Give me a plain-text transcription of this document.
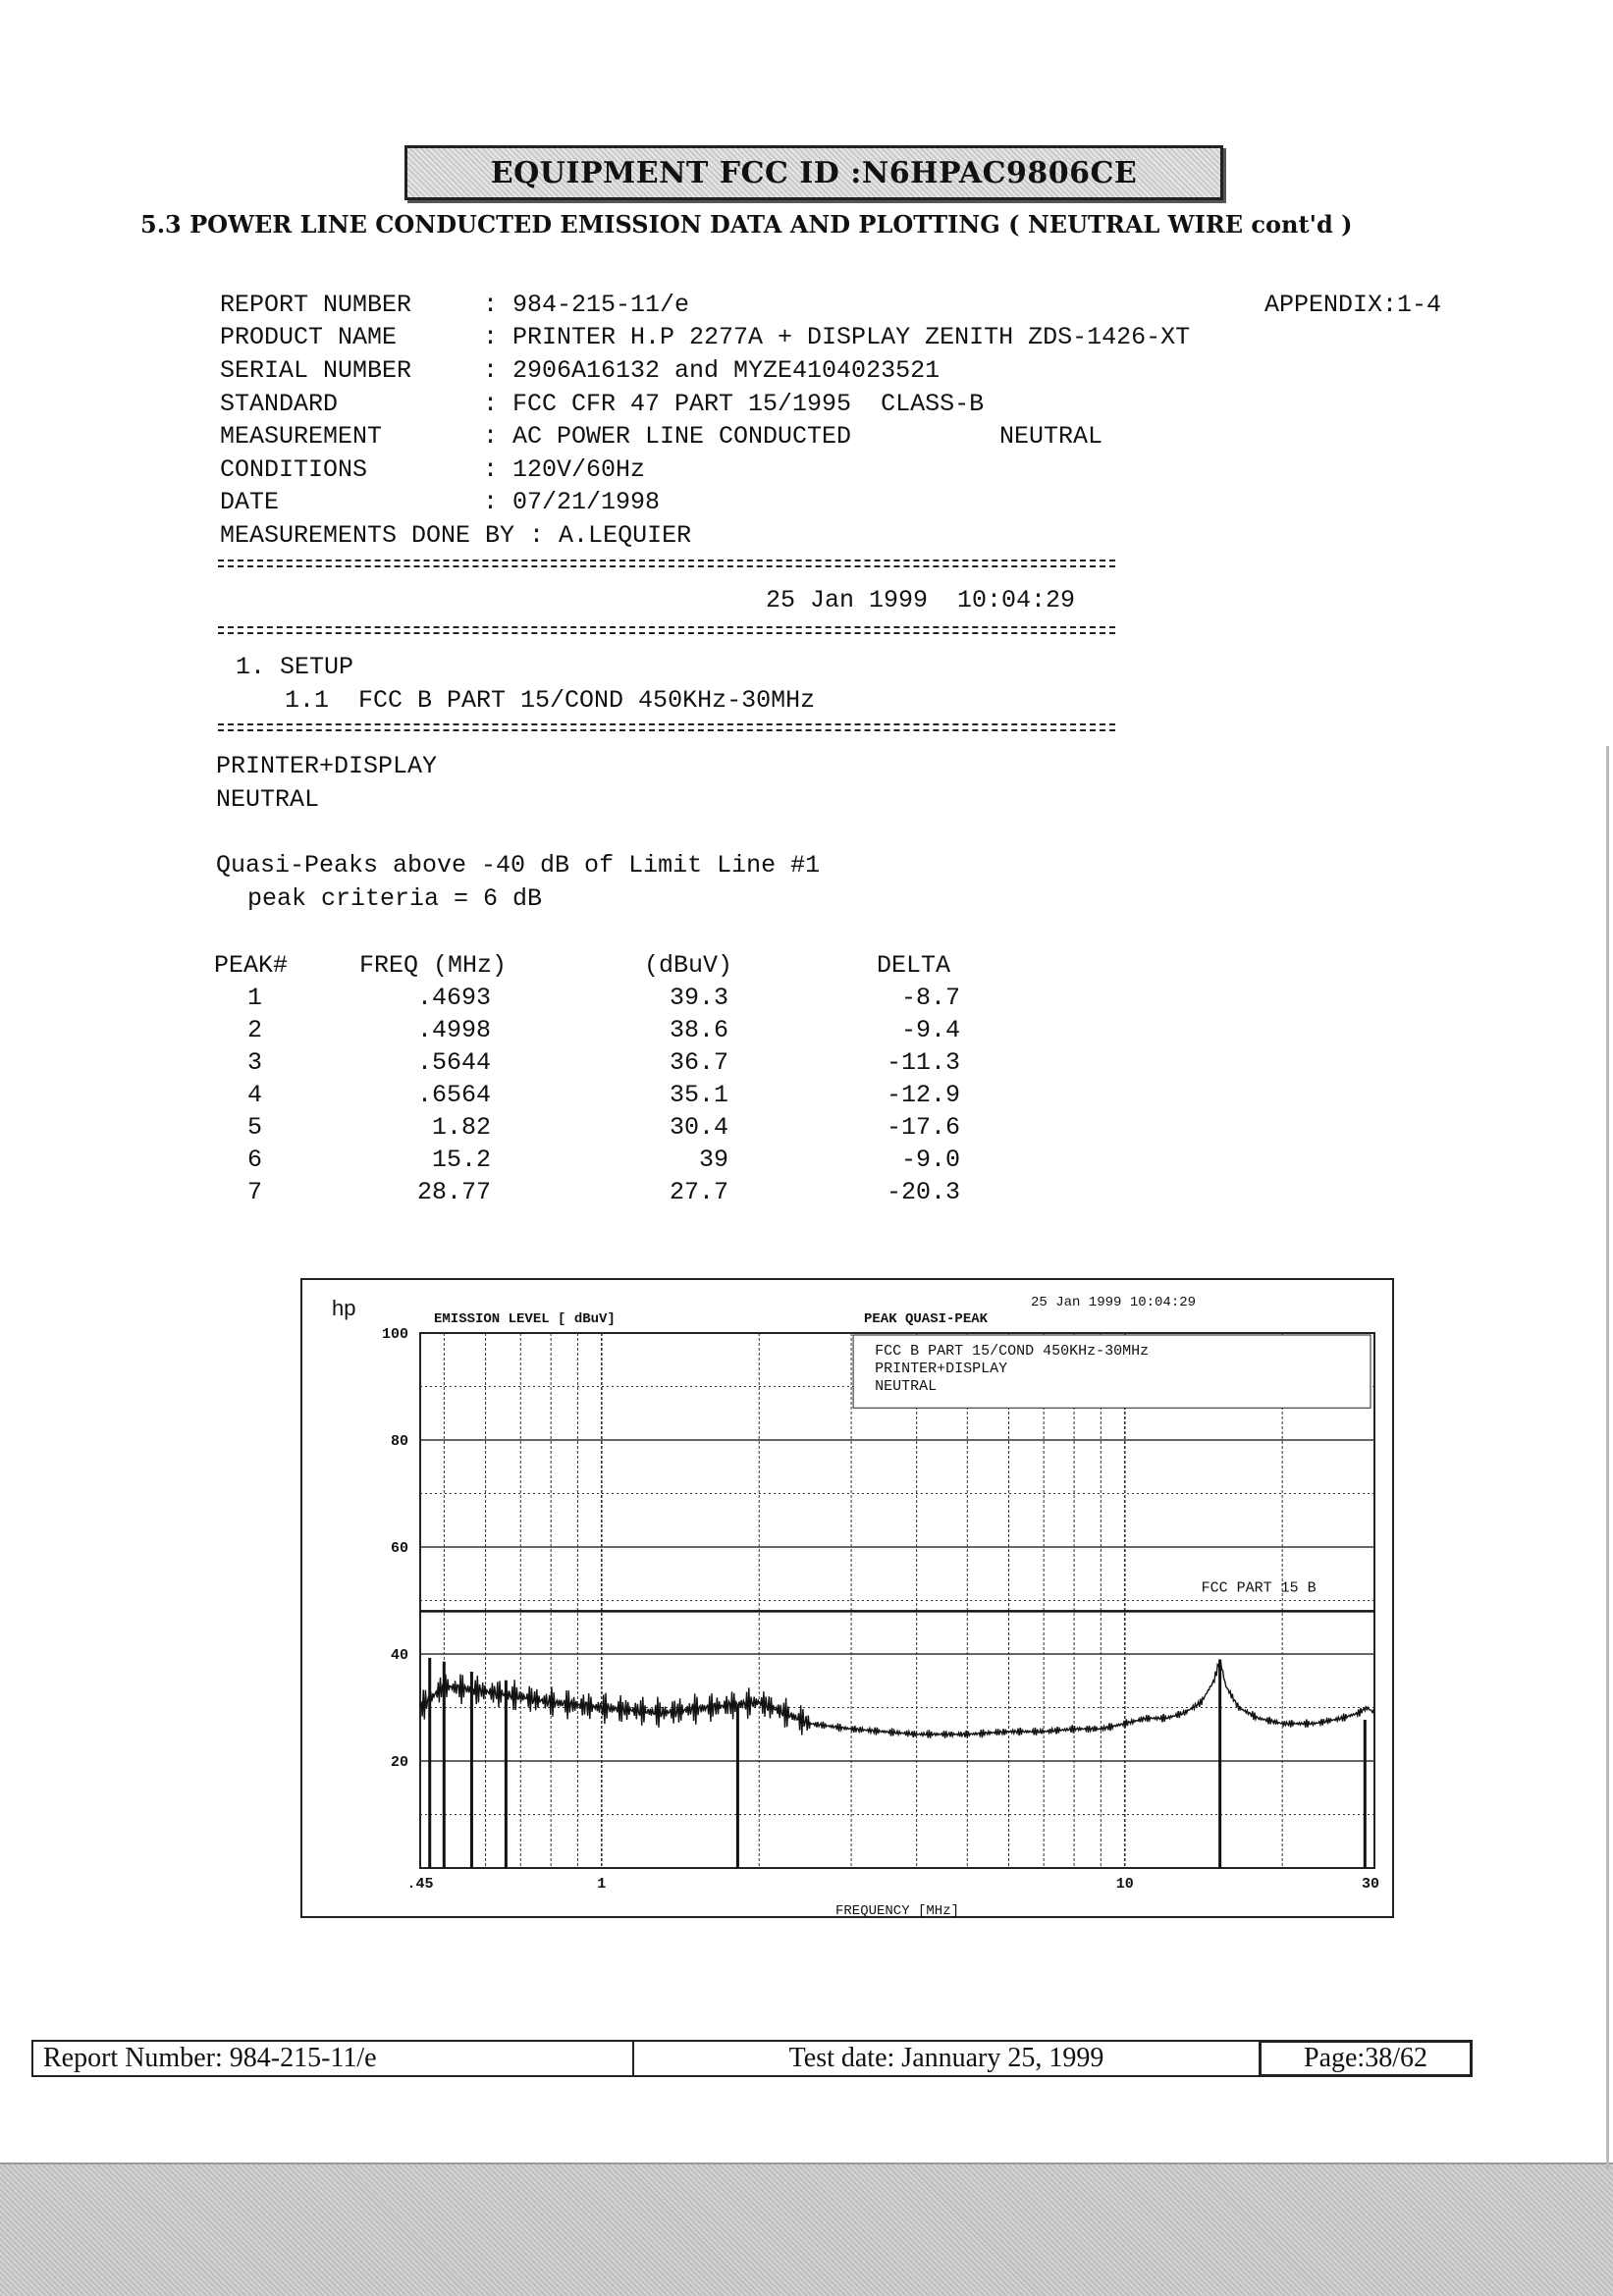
EQUIPMENT FCC ID :N6HPAC9806CE
5.3 POWER LINE CONDUCTED EMISSION DATA AND PLOTTING ( NEUTRAL WIRE cont'd )
REPORT NUMBER	: 984-215-11/e	APPENDIX:1-4
PRODUCT NAME	: PRINTER H.P 2277A + DISPLAY ZENITH ZDS-1426-XT
SERIAL NUMBER	: 2906A16132 and MYZE4104023521
STANDARD	: FCC CFR 47 PART 15/1995  CLASS-B
MEASUREMENT	: AC POWER LINE CONDUCTED	NEUTRAL
CONDITIONS	: 120V/60Hz
DATE	: 07/21/1998
MEASUREMENTS DONE BY : A.LEQUIER
25 Jan 1999  10:04:29
1. SETUP
1.1  FCC B PART 15/COND 450KHz-30MHz
PRINTER+DISPLAY
NEUTRAL
Quasi-Peaks above -40 dB of Limit Line #1
peak criteria = 6 dB
PEAK#	FREQ (MHz)	(dBuV)	DELTA
1	.4693	39.3	-8.7
2	.4998	38.6	-9.4
3	.5644	36.7	-11.3
4	.6564	35.1	-12.9
5	1.82	30.4	-17.6
6	15.2	39	-9.0
7	28.77	27.7	-20.3
FCC B PART 15/COND 450KHz-30MHz
PRINTER+DISPLAY
NEUTRAL
FCC PART 15 B
100
80
60
40
20
.45	1	10	30
hp	EMISSION LEVEL [ dBuV]	PEAK QUASI-PEAK
25 Jan 1999 10:04:29
FREQUENCY [MHz]
Report Number: 984-215-11/e	Test date: Jannuary 25, 1999	Page:38/62
